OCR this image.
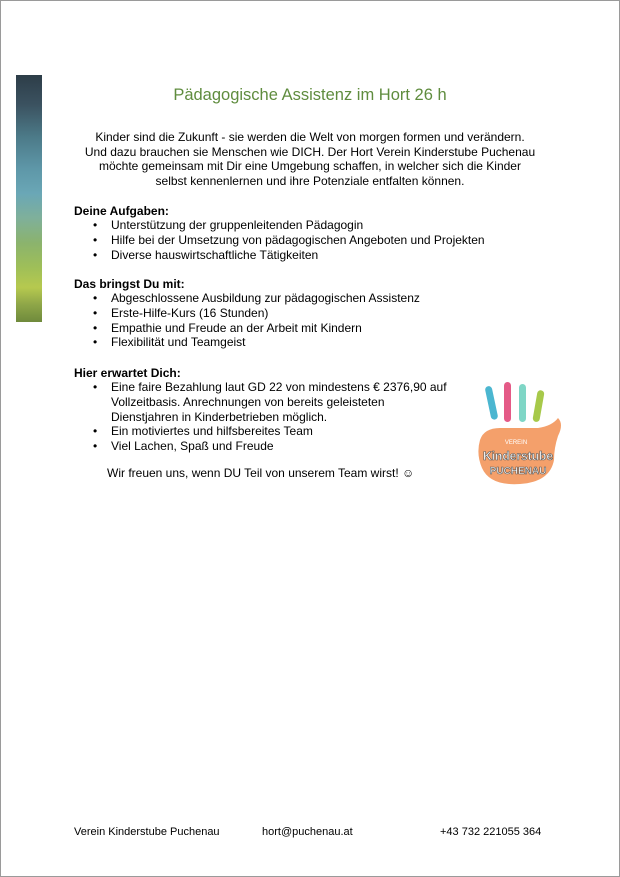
Pädagogische Assistenz im Hort 26 h
Kinder sind die Zukunft - sie werden die Welt von morgen formen und verändern.
Und dazu brauchen sie Menschen wie DICH. Der Hort Verein Kinderstube Puchenau
möchte gemeinsam mit Dir eine Umgebung schaffen, in welcher sich die Kinder
selbst kennenlernen und ihre Potenziale entfalten können.
Deine Aufgaben:
• Unterstützung der gruppenleitenden Pädagogin
• Hilfe bei der Umsetzung von pädagogischen Angeboten und Projekten
• Diverse hauswirtschaftliche Tätigkeiten
Das bringst Du mit:
• Abgeschlossene Ausbildung zur pädagogischen Assistenz
• Erste-Hilfe-Kurs (16 Stunden)
• Empathie und Freude an der Arbeit mit Kindern
• Flexibilität und Teamgeist
Hier erwartet Dich:
• Eine faire Bezahlung laut GD 22 von mindestens € 2376,90 auf
Vollzeitbasis. Anrechnungen von bereits geleisteten
Dienstjahren in Kinderbetrieben möglich.
• Ein motiviertes und hilfsbereites Team
• Viel Lachen, Spaß und Freude
Wir freuen uns, wenn DU Teil von unserem Team wirst! ☺
VEREIN
Kinderstube
PUCHENAU
Verein Kinderstube Puchenau	hort@puchenau.at	+43 732 221055 364
